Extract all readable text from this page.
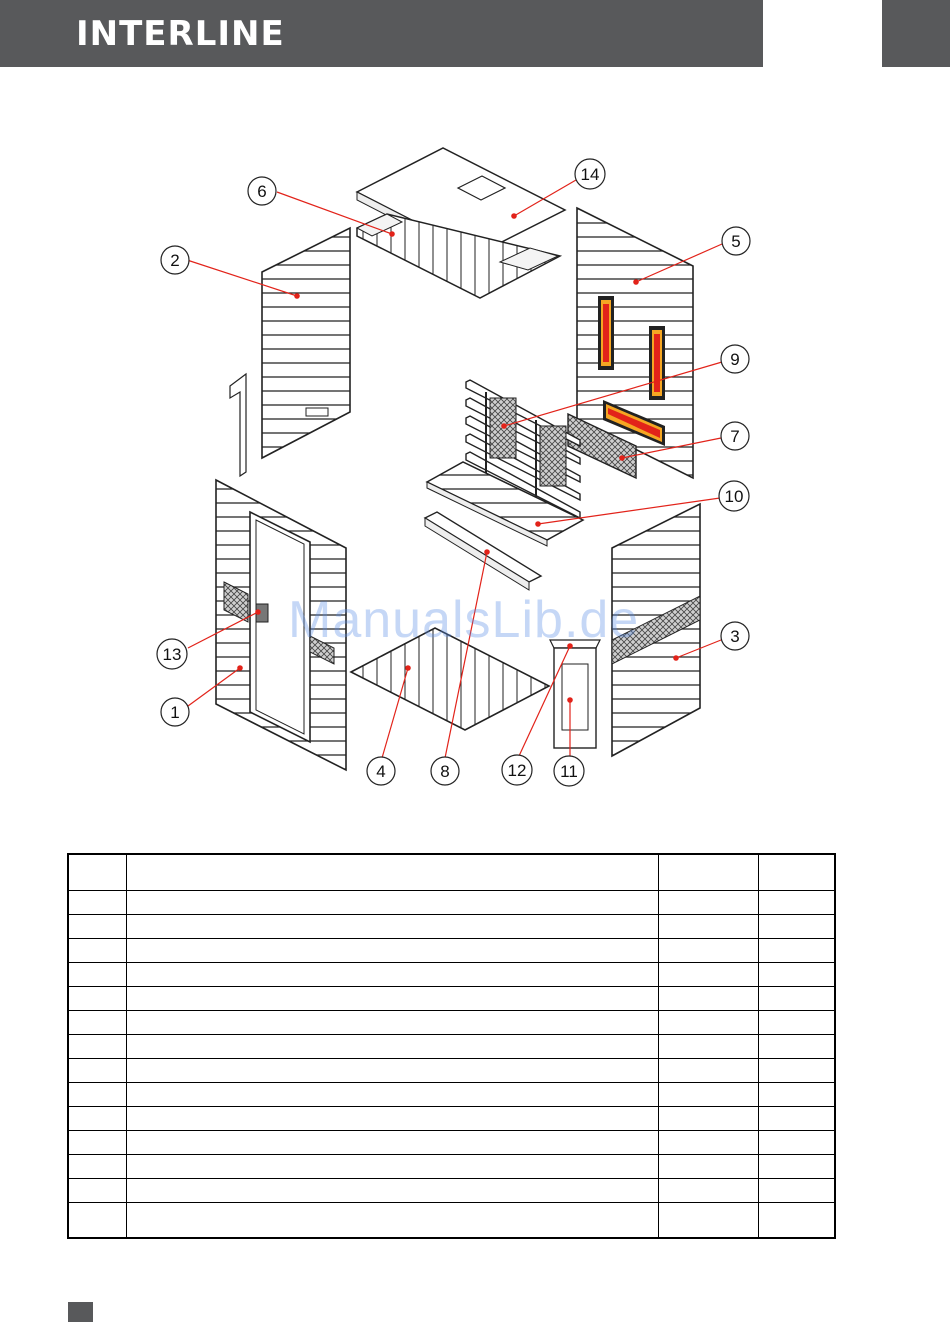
INTERLINE
1
2
3
4
5
6
7
8
9
10
11
12
13
14
ManualsLib.de
